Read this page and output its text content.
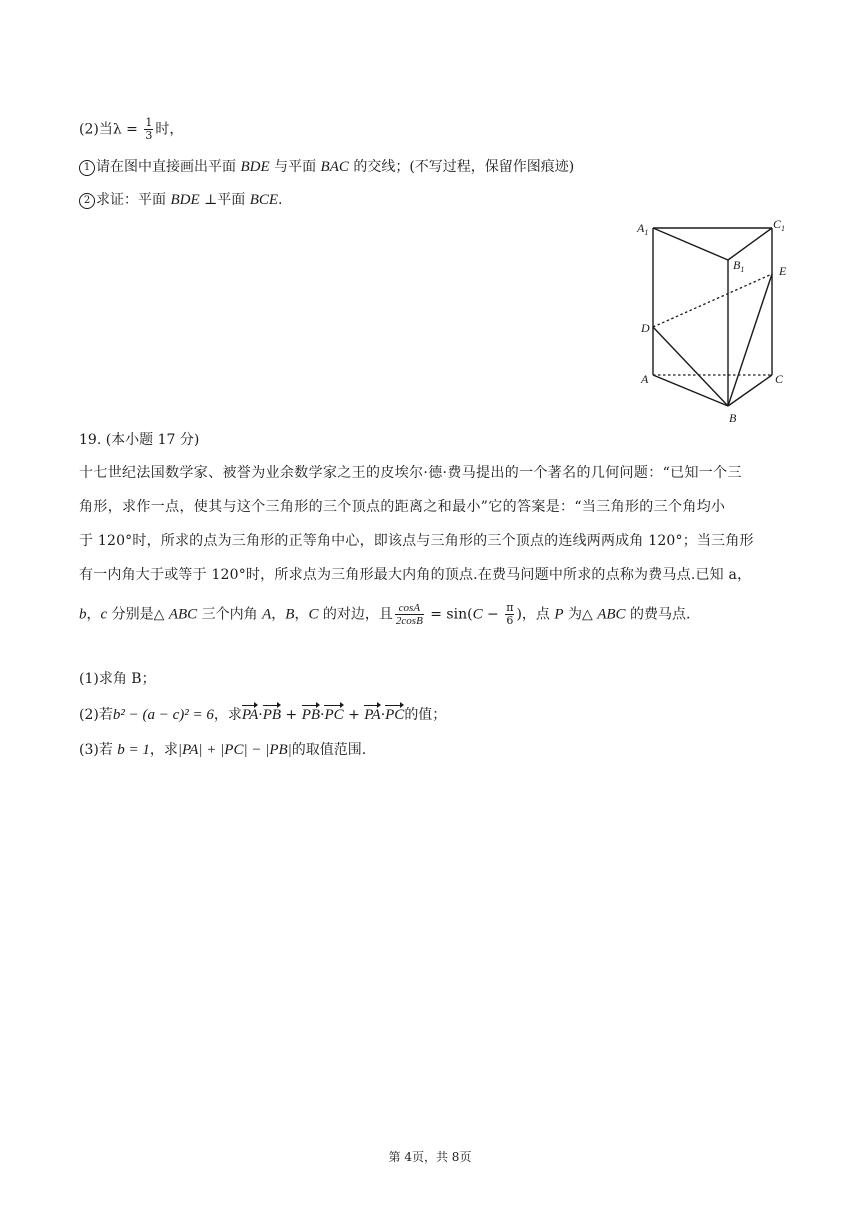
(2)当$\lambda = \frac{1}{3}$ 时，
1 请在图中直接画出平面 BDE 与平面 BAC 的交线；(不写过程，保留作图痕迹)
2 求证：平面 BDE ⊥平面 BCE.
$A_1$
$C_1$
$B_1$	E
D
A	C
B
19. (本小题 17 分)
十七世纪法国数学家、被誉为业余数学家之王的皮埃尔·德·费马提出的一个著名的几何问题：“已知一个三
角形，求作一点，使其与这个三角形的三个顶点的距离之和最小”它的答案是：“当三角形的三个角均小
于 120°时，所求的点为三角形的正等角中心，即该点与三角形的三个顶点的连线两两成角 120°；当三角形
有一内角大于或等于 120°时，所求点为三角形最大内角的顶点.在费马问题中所求的点称为费马点.已知 a，
b，c 分别是△ ABC 三个内角 A，B，C 的对边，且 $\frac{\cos A}{2\cos B} = \sin(C - \frac{\pi}{6}$ )，点 P 为△ ABC 的费马点.
(1)求角 B；
(2)若b² − (a − c)² = 6，求PA·PB + PB·PC + PA·PC的值；
(3)若 b = 1，求|PA| + |PC| − |PB|的取值范围.
第 4页，共 8页
